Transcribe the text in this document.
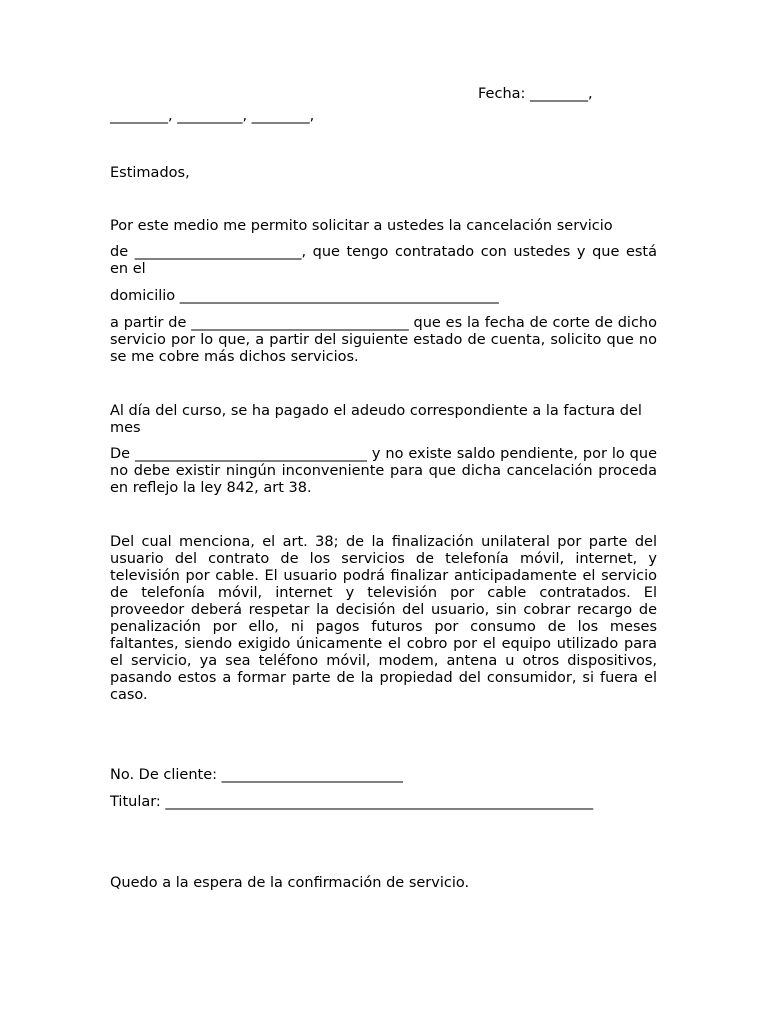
Fecha: ________,
________, _________, ________,
Estimados,
Por este medio me permito solicitar a ustedes la cancelación servicio
de _______________________, que tengo contratado con ustedes y que está en el
domicilio ____________________________________________
a partir de ______________________________ que es la fecha de corte de dicho servicio por lo que, a partir del siguiente estado de cuenta, solicito que no se me cobre más dichos servicios.
Al día del curso, se ha pagado el adeudo correspondiente a la factura del mes
De ________________________________ y no existe saldo pendiente, por lo que no debe existir ningún inconveniente para que dicha cancelación proceda en reflejo la ley 842, art 38.
Del cual menciona, el art. 38; de la finalización unilateral por parte del usuario del contrato de los servicios de telefonía móvil, internet, y televisión por cable. El usuario podrá finalizar anticipadamente el servicio de telefonía móvil, internet y televisión por cable contratados. El proveedor deberá respetar la decisión del usuario, sin cobrar recargo de penalización por ello, ni pagos futuros por consumo de los meses faltantes, siendo exigido únicamente el cobro por el equipo utilizado para el servicio, ya sea teléfono móvil, modem, antena u otros dispositivos, pasando estos a formar parte de la propiedad del consumidor, si fuera el caso.
No. De cliente: _________________________
Titular: ___________________________________________________________
Quedo a la espera de la confirmación de servicio.
